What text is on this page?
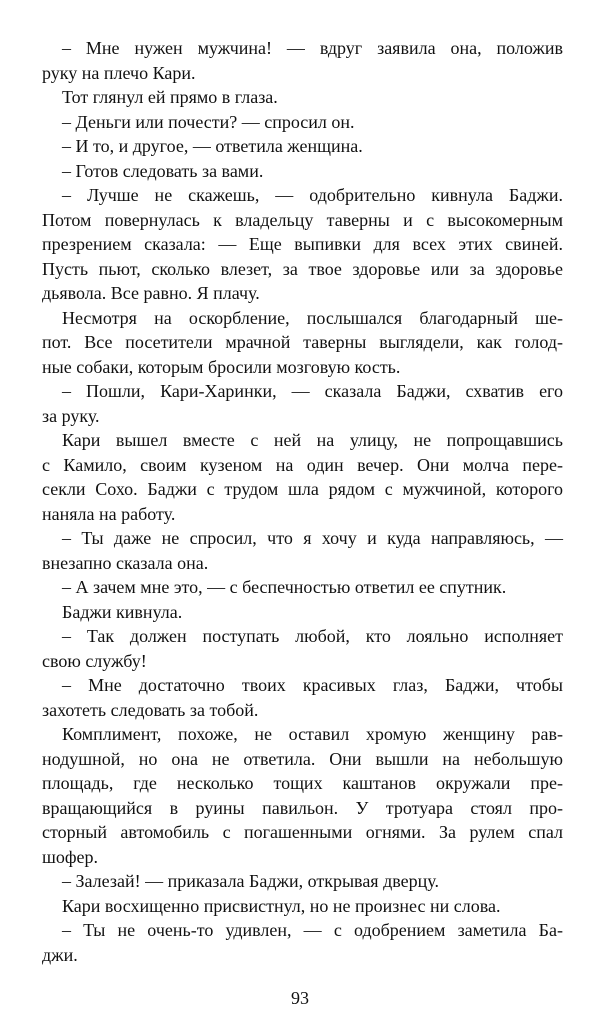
– Мне нужен мужчина! — вдруг заявила она, положив
руку на плечо Кари.
Тот глянул ей прямо в глаза.
– Деньги или почести? — спросил он.
– И то, и другое, — ответила женщина.
– Готов следовать за вами.
– Лучше не скажешь, — одобрительно кивнула Баджи.
Потом повернулась к владельцу таверны и с высокомерным
презрением сказала: — Еще выпивки для всех этих свиней.
Пусть пьют, сколько влезет, за твое здоровье или за здоровье
дьявола. Все равно. Я плачу.
Несмотря на оскорбление, послышался благодарный ше-
пот. Все посетители мрачной таверны выглядели, как голод-
ные собаки, которым бросили мозговую кость.
– Пошли, Кари-Харинки, — сказала Баджи, схватив его
за руку.
Кари вышел вместе с ней на улицу, не попрощавшись
с Камило, своим кузеном на один вечер. Они молча пере-
секли Сохо. Баджи с трудом шла рядом с мужчиной, которого
наняла на работу.
– Ты даже не спросил, что я хочу и куда направляюсь, —
внезапно сказала она.
– А зачем мне это, — с беспечностью ответил ее спутник.
Баджи кивнула.
– Так должен поступать любой, кто лояльно исполняет
свою службу!
– Мне достаточно твоих красивых глаз, Баджи, чтобы
захотеть следовать за тобой.
Комплимент, похоже, не оставил хромую женщину рав-
нодушной, но она не ответила. Они вышли на небольшую
площадь, где несколько тощих каштанов окружали пре-
вращающийся в руины павильон. У тротуара стоял про-
сторный автомобиль с погашенными огнями. За рулем спал
шофер.
– Залезай! — приказала Баджи, открывая дверцу.
Кари восхищенно присвистнул, но не произнес ни слова.
– Ты не очень-то удивлен, — с одобрением заметила Ба-
джи.
93
